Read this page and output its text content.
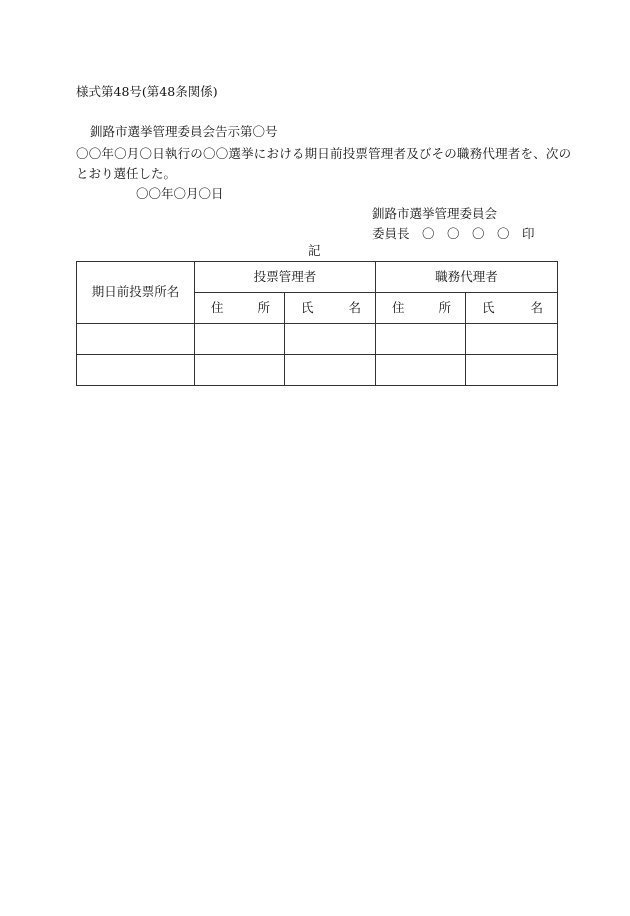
様式第48号(第48条関係)
釧路市選挙管理委員会告示第〇号
〇〇年〇月〇日執行の〇〇選挙における期日前投票管理者及びその職務代理者を、次の
とおり選任した。
〇〇年〇月〇日
釧路市選挙管理委員会
委員長　〇　〇　〇　〇　印
記
期日前投票所名	投票管理者		職務代理者	

	住 所	氏 名	住 所	氏 名
